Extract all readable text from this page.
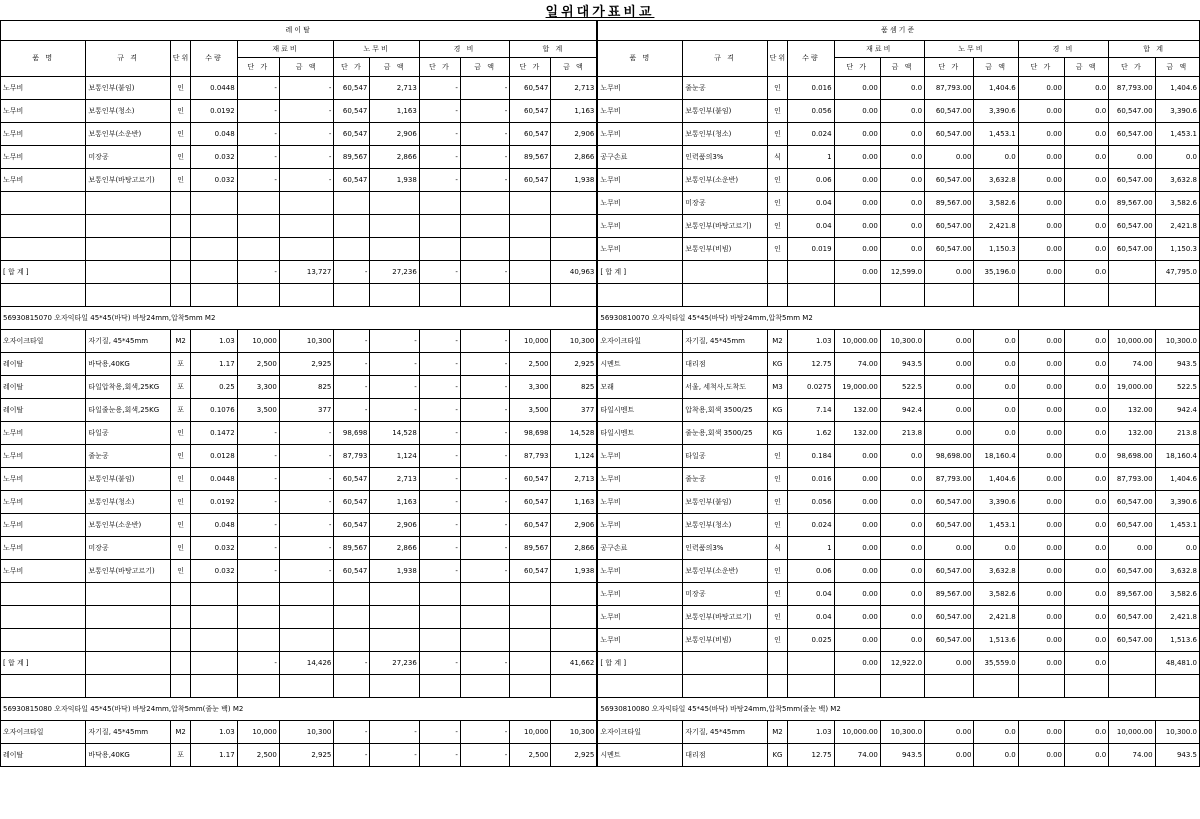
일위대가표비교
레이탈												품셈기준											
품 명	규 격	단위	수량	재료비		노무비		경 비		합 계		품 명	규 격	단위	수량	재료비		노무비		경 비		합 계	
				단 가	금 액	단 가	금 액	단 가	금 액	단 가	금 액					단 가	금 액	단 가	금 액	단 가	금 액	단 가	금 액
노무비	보통인부(붙임)	인	0.0448	-	-	60,547	2,713	-	-	60,547	2,713	노무비	줄눈공	인	0.016	0.00	0.0	87,793.00	1,404.6	0.00	0.0	87,793.00	1,404.6
노무비	보통인부(청소)	인	0.0192	-	-	60,547	1,163	-	-	60,547	1,163	노무비	보통인부(붙임)	인	0.056	0.00	0.0	60,547.00	3,390.6	0.00	0.0	60,547.00	3,390.6
노무비	보통인부(소운반)	인	0.048	-	-	60,547	2,906	-	-	60,547	2,906	노무비	보통인부(청소)	인	0.024	0.00	0.0	60,547.00	1,453.1	0.00	0.0	60,547.00	1,453.1
노무비	미장공	인	0.032	-	-	89,567	2,866	-	-	89,567	2,866	공구손료	인력품의3%	식	1	0.00	0.0	0.00	0.0	0.00	0.0	0.00	0.0
노무비	보통인부(바탕고르기)	인	0.032	-	-	60,547	1,938	-	-	60,547	1,938	노무비	보통인부(소운반)	인	0.06	0.00	0.0	60,547.00	3,632.8	0.00	0.0	60,547.00	3,632.8
												노무비	미장공	인	0.04	0.00	0.0	89,567.00	3,582.6	0.00	0.0	89,567.00	3,582.6
												노무비	보통인부(바탕고르기)	인	0.04	0.00	0.0	60,547.00	2,421.8	0.00	0.0	60,547.00	2,421.8
												노무비	보통인부(비빔)	인	0.019	0.00	0.0	60,547.00	1,150.3	0.00	0.0	60,547.00	1,150.3
[ 합 계 ]				-	13,727	-	27,236	-	-		40,963	[ 합 계 ]				0.00	12,599.0	0.00	35,196.0	0.00	0.0		47,795.0

56930815070 오자익타일 45*45(바닥) 바탕24mm,압착5mm M2												56930810070 오자익타일 45*45(바닥) 바탕24mm,압착5mm M2											
오자이크타일	자기질, 45*45mm	M2	1.03	10,000	10,300	-	-	-	-	10,000	10,300	오자이크타일	자기질, 45*45mm	M2	1.03	10,000.00	10,300.0	0.00	0.0	0.00	0.0	10,000.00	10,300.0
레이탈	바닥용,40KG	포	1.17	2,500	2,925	-	-	-	-	2,500	2,925	시멘트	대리점	KG	12.75	74.00	943.5	0.00	0.0	0.00	0.0	74.00	943.5
레이탈	타일압착용,회색,25KG	포	0.25	3,300	825	-	-	-	-	3,300	825	모래	서울, 세척사,도착도	M3	0.0275	19,000.00	522.5	0.00	0.0	0.00	0.0	19,000.00	522.5
레이탈	타일줄눈용,회색,25KG	포	0.1076	3,500	377	-	-	-	-	3,500	377	타일시멘트	압착용,회색 3500/25	KG	7.14	132.00	942.4	0.00	0.0	0.00	0.0	132.00	942.4
노무비	타일공	인	0.1472	-	-	98,698	14,528	-	-	98,698	14,528	타일시멘트	줄눈용,회색 3500/25	KG	1.62	132.00	213.8	0.00	0.0	0.00	0.0	132.00	213.8
노무비	줄눈공	인	0.0128	-	-	87,793	1,124	-	-	87,793	1,124	노무비	타일공	인	0.184	0.00	0.0	98,698.00	18,160.4	0.00	0.0	98,698.00	18,160.4
노무비	보통인부(붙임)	인	0.0448	-	-	60,547	2,713	-	-	60,547	2,713	노무비	줄눈공	인	0.016	0.00	0.0	87,793.00	1,404.6	0.00	0.0	87,793.00	1,404.6
노무비	보통인부(청소)	인	0.0192	-	-	60,547	1,163	-	-	60,547	1,163	노무비	보통인부(붙임)	인	0.056	0.00	0.0	60,547.00	3,390.6	0.00	0.0	60,547.00	3,390.6
노무비	보통인부(소운반)	인	0.048	-	-	60,547	2,906	-	-	60,547	2,906	노무비	보통인부(청소)	인	0.024	0.00	0.0	60,547.00	1,453.1	0.00	0.0	60,547.00	1,453.1
노무비	미장공	인	0.032	-	-	89,567	2,866	-	-	89,567	2,866	공구손료	인력품의3%	식	1	0.00	0.0	0.00	0.0	0.00	0.0	0.00	0.0
노무비	보통인부(바탕고르기)	인	0.032	-	-	60,547	1,938	-	-	60,547	1,938	노무비	보통인부(소운반)	인	0.06	0.00	0.0	60,547.00	3,632.8	0.00	0.0	60,547.00	3,632.8
												노무비	미장공	인	0.04	0.00	0.0	89,567.00	3,582.6	0.00	0.0	89,567.00	3,582.6
												노무비	보통인부(바탕고르기)	인	0.04	0.00	0.0	60,547.00	2,421.8	0.00	0.0	60,547.00	2,421.8
												노무비	보통인부(비빔)	인	0.025	0.00	0.0	60,547.00	1,513.6	0.00	0.0	60,547.00	1,513.6
[ 합 계 ]				-	14,426	-	27,236	-	-		41,662	[ 합 계 ]				0.00	12,922.0	0.00	35,559.0	0.00	0.0		48,481.0

56930815080 오자익타일 45*45(바닥) 바탕24mm,압착5mm(줄눈 백) M2												56930810080 오자익타일 45*45(바닥) 바탕24mm,압착5mm(줄눈 백) M2											
오자이크타일	자기질, 45*45mm	M2	1.03	10,000	10,300	-	-	-	-	10,000	10,300	오자이크타일	자기질, 45*45mm	M2	1.03	10,000.00	10,300.0	0.00	0.0	0.00	0.0	10,000.00	10,300.0
레이탈	바닥용,40KG	포	1.17	2,500	2,925	-	-	-	-	2,500	2,925	시멘트	대리점	KG	12.75	74.00	943.5	0.00	0.0	0.00	0.0	74.00	943.5
